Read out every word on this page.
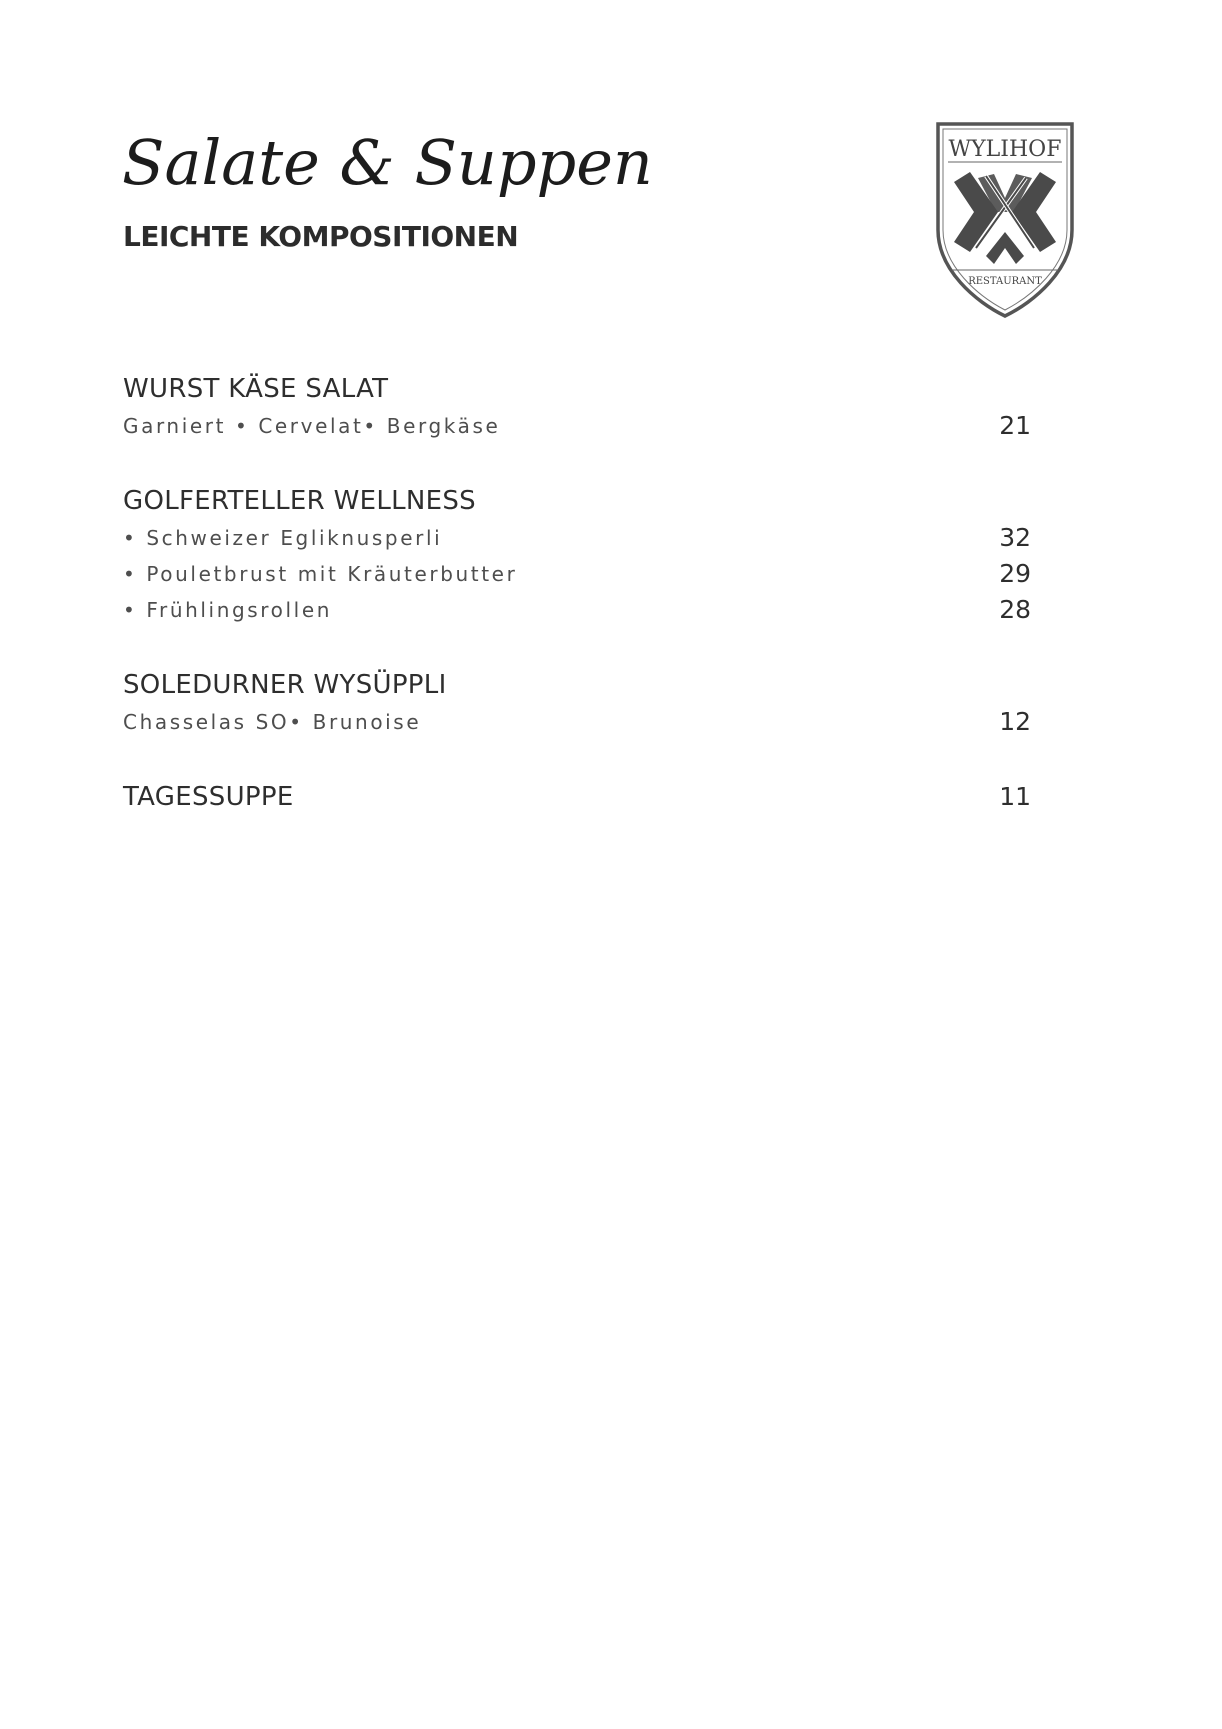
Salate & Suppen
LEICHTE KOMPOSITIONEN
WYLIHOF
RESTAURANT
WURST KÄSE SALAT
Garniert • Cervelat• Bergkäse	21
GOLFERTELLER WELLNESS
• Schweizer Egliknusperli	32
• Pouletbrust mit Kräuterbutter	29
• Frühlingsrollen	28
SOLEDURNER WYSÜPPLI
Chasselas SO• Brunoise	12
TAGESSUPPE	11
